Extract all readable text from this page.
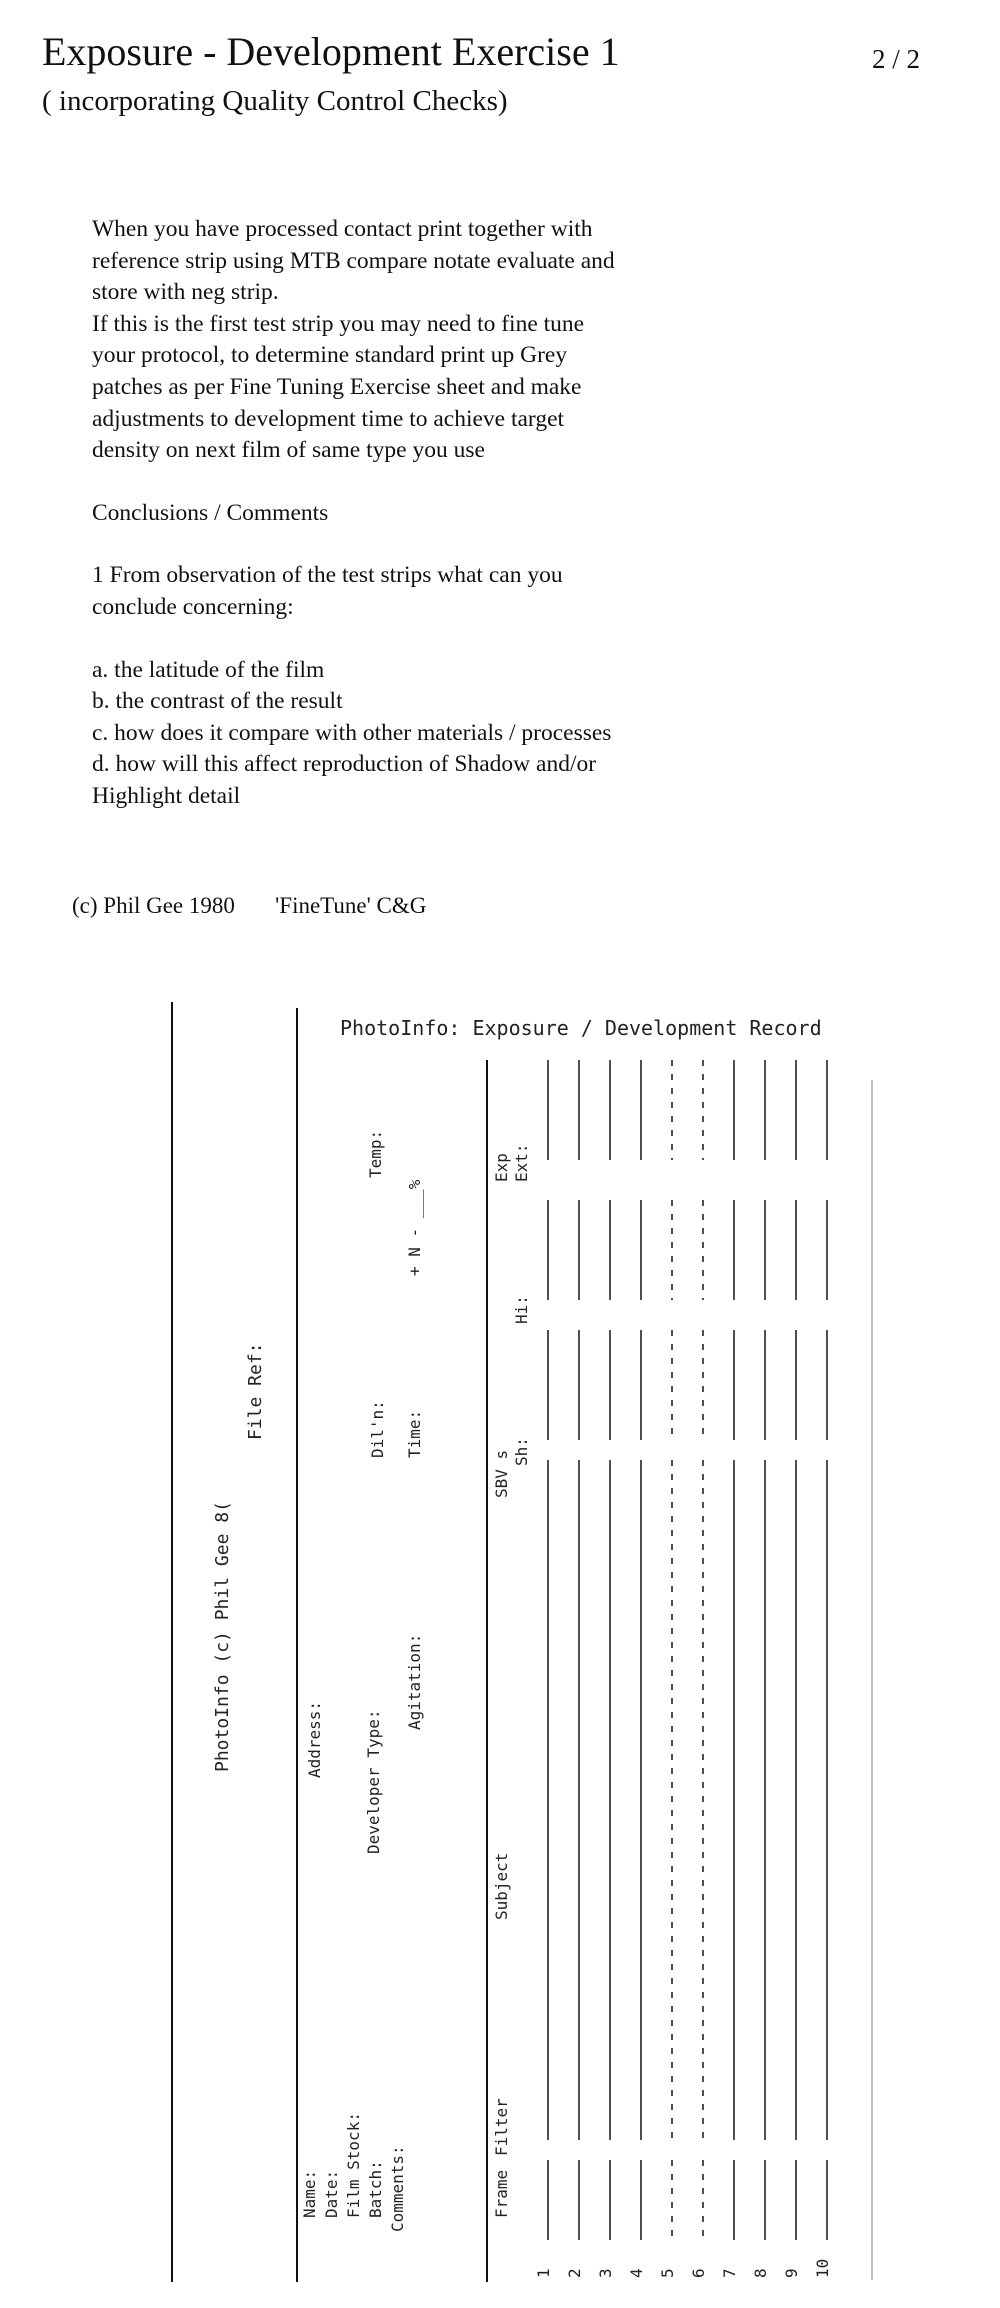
Exposure - Development Exercise 1
( incorporating Quality Control Checks)
2 / 2

When you have processed contact print together with

reference strip using MTB compare notate evaluate and

store with neg strip.

If this is the first test strip you may need to fine tune

your protocol, to determine standard print up Grey

patches as per Fine Tuning Exercise sheet and make

adjustments to development time to achieve target

density on next film of same type you use

Conclusions / Comments

1 From observation of the test strips what can you

conclude concerning:

a. the latitude of the film

b. the contrast of the result

c. how does it compare with other materials / processes

d. how will this affect reproduction of Shadow and/or

Highlight detail

(c) Phil Gee 1980 'FineTune' C&G
PhotoInfo: Exposure / Development Record
PhotoInfo (c) Phil Gee 8(
File Ref:
Name: Date: Film Stock: Batch: Comments:
Address:	Developer Type:
Agitation:
Dil'n: Time:
Temp:
+ N - ___%
Frame
Filter
Subject
SBV s Sh:
Hi:
Exp Ext:
1 2 3 4 5 6 7 8 9 10
